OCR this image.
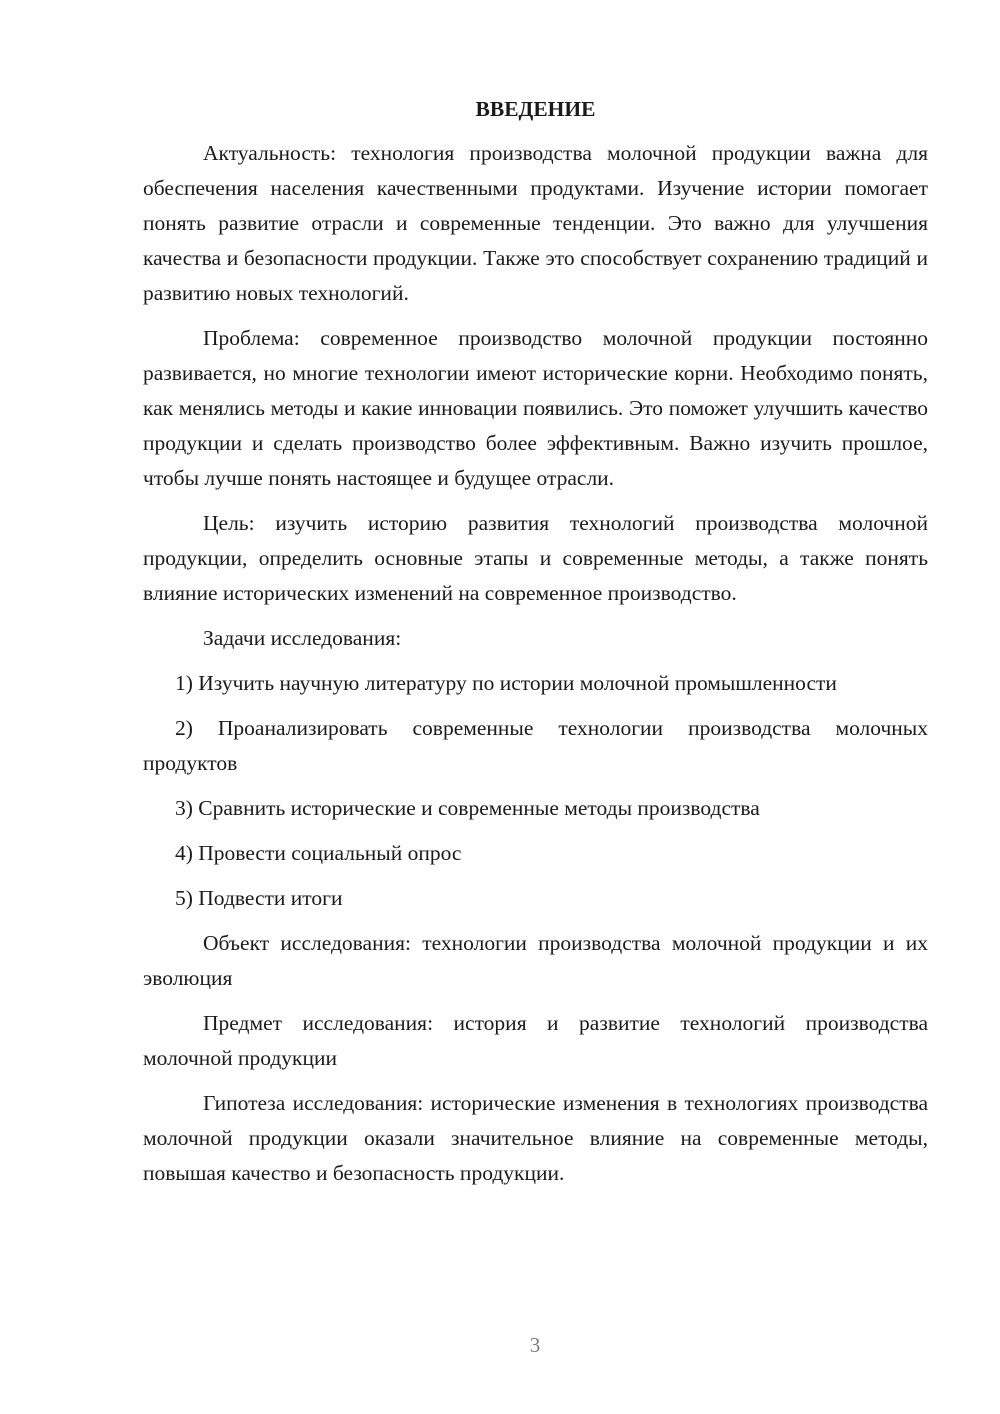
ВВЕДЕНИЕ

Актуальность: технология производства молочной продукции важна для обеспечения населения качественными продуктами. Изучение истории помогает понять развитие отрасли и современные тенденции. Это важно для улучшения качества и безопасности продукции. Также это способствует сохранению традиций и развитию новых технологий.

Проблема: современное производство молочной продукции постоянно развивается, но многие технологии имеют исторические корни. Необходимо понять, как менялись методы и какие инновации появились. Это поможет улучшить качество продукции и сделать производство более эффективным. Важно изучить прошлое, чтобы лучше понять настоящее и будущее отрасли.

Цель: изучить историю развития технологий производства молочной продукции, определить основные этапы и современные методы, а также понять влияние исторических изменений на современное производство.

Задачи исследования:

1) Изучить научную литературу по истории молочной промышленности

2) Проанализировать современные технологии производства молочных продуктов

3) Сравнить исторические и современные методы производства

4) Провести социальный опрос

5) Подвести итоги

Объект исследования: технологии производства молочной продукции и их эволюция

Предмет исследования: история и развитие технологий производства молочной продукции

Гипотеза исследования: исторические изменения в технологиях производства молочной продукции оказали значительное влияние на современные методы, повышая качество и безопасность продукции.

3
